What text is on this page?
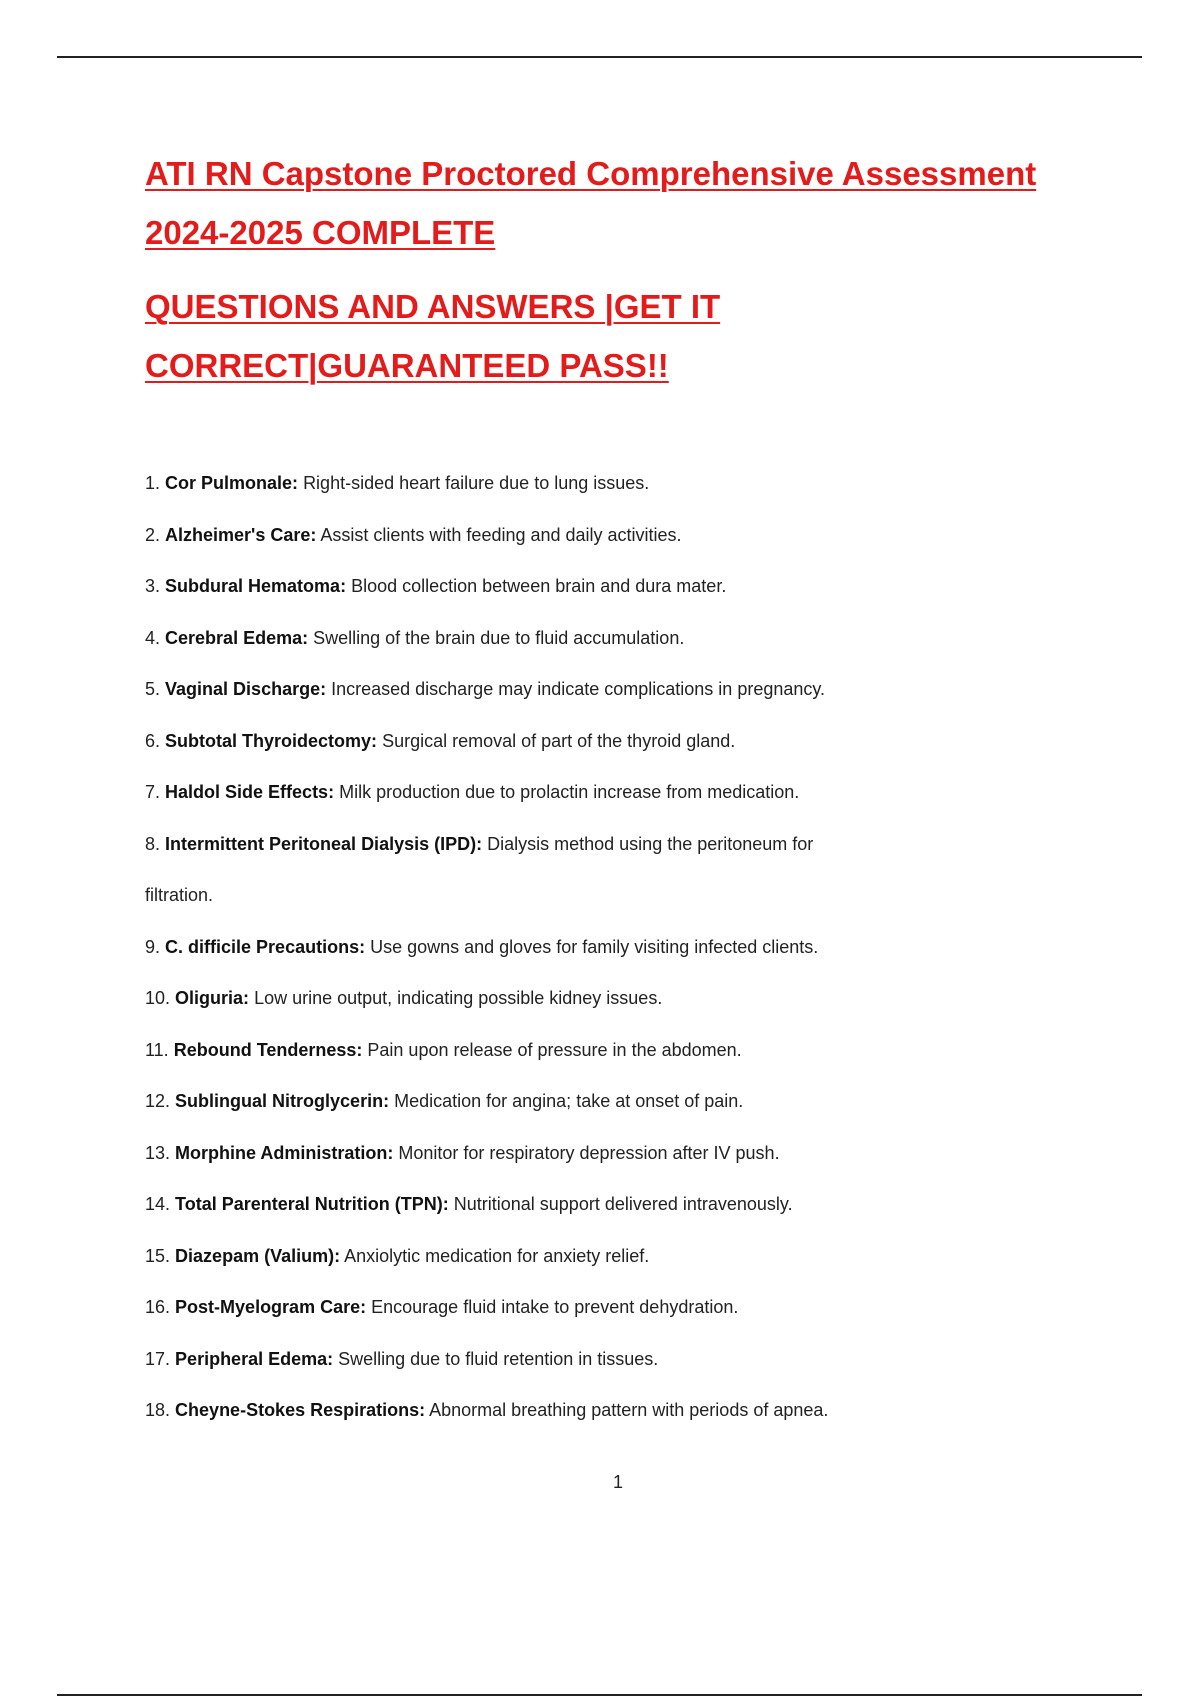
ATI RN Capstone Proctored Comprehensive Assessment
2024-2025 COMPLETE
QUESTIONS AND ANSWERS |GET IT
CORRECT|GUARANTEED PASS!!
1. Cor Pulmonale: Right-sided heart failure due to lung issues.
2. Alzheimer's Care: Assist clients with feeding and daily activities.
3. Subdural Hematoma: Blood collection between brain and dura mater.
4. Cerebral Edema: Swelling of the brain due to fluid accumulation.
5. Vaginal Discharge: Increased discharge may indicate complications in pregnancy.
6. Subtotal Thyroidectomy: Surgical removal of part of the thyroid gland.
7. Haldol Side Effects: Milk production due to prolactin increase from medication.
8. Intermittent Peritoneal Dialysis (IPD): Dialysis method using the peritoneum for
filtration.
9. C. difficile Precautions: Use gowns and gloves for family visiting infected clients.
10. Oliguria: Low urine output, indicating possible kidney issues.
11. Rebound Tenderness: Pain upon release of pressure in the abdomen.
12. Sublingual Nitroglycerin: Medication for angina; take at onset of pain.
13. Morphine Administration: Monitor for respiratory depression after IV push.
14. Total Parenteral Nutrition (TPN): Nutritional support delivered intravenously.
15. Diazepam (Valium): Anxiolytic medication for anxiety relief.
16. Post-Myelogram Care: Encourage fluid intake to prevent dehydration.
17. Peripheral Edema: Swelling due to fluid retention in tissues.
18. Cheyne-Stokes Respirations: Abnormal breathing pattern with periods of apnea.
1
